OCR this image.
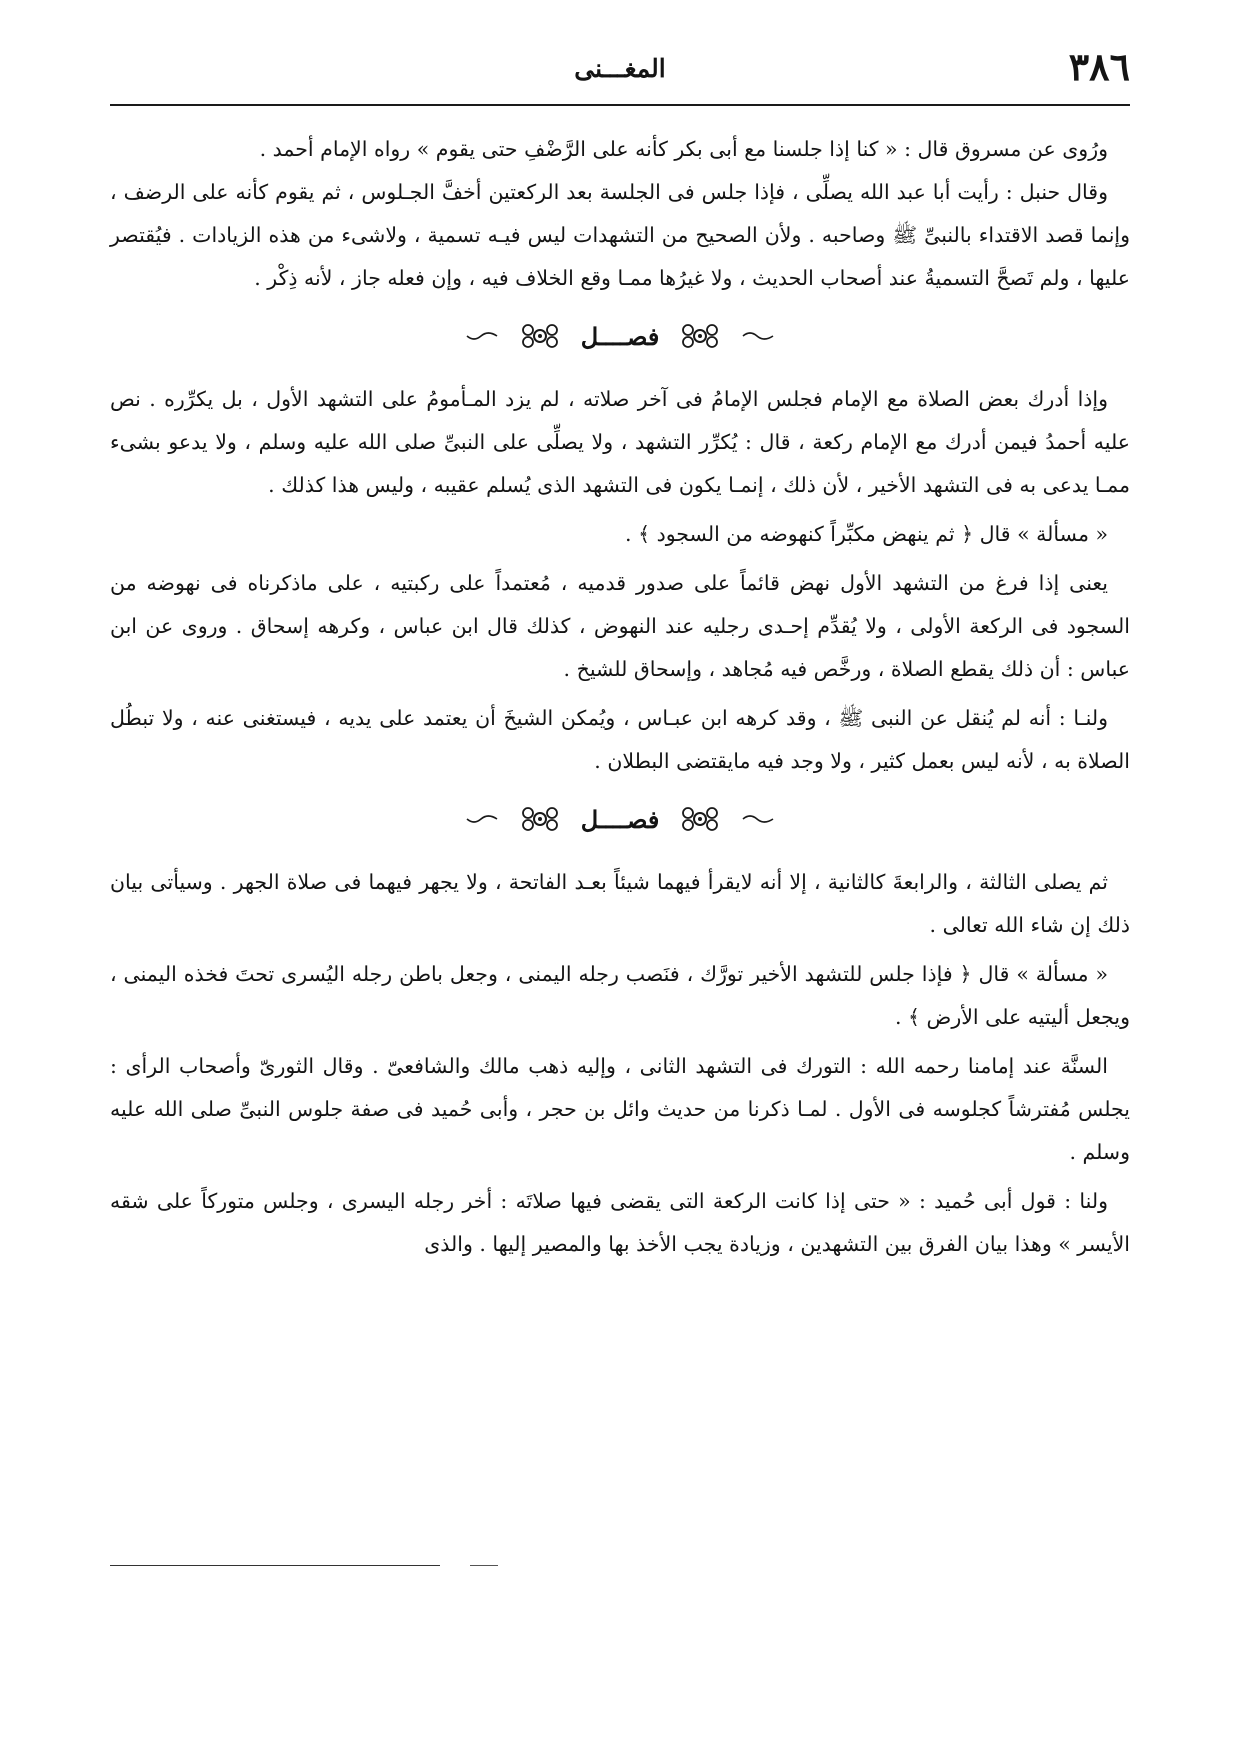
٣٨٦
المغـــنى

ورُوى عن مسروق قال : « كنا إذا جلسنا مع أبى بكر كأنه على الرَّضْفِ حتى يقوم » رواه الإمام أحمد .

وقال حنبل : رأيت أبا عبد الله يصلِّى ، فإذا جلس فى الجلسة بعد الركعتين أخفَّ الجـلوس ، ثم يقوم كأنه على الرضف ، وإنما قصد الاقتداء بالنبىِّ ﷺ وصاحبه . ولأن الصحيح من التشهدات ليس فيـه تسمية ، ولاشىء من هذه الزيادات . فيُقتصر عليها ، ولم تَصحَّ التسميةُ عند أصحاب الحديث ، ولا غيرُها ممـا وقع الخلاف فيه ، وإن فعله جاز ، لأنه ذِكْر .

فصــــل

وإذا أدرك بعض الصلاة مع الإمام فجلس الإمامُ فى آخر صلاته ، لم يزد المـأمومُ على التشهد الأول ، بل يكرِّره . نص عليه أحمدُ فيمن أدرك مع الإمام ركعة ، قال : يُكرِّر التشهد ، ولا يصلِّى على النبىِّ صلى الله عليه وسلم ، ولا يدعو بشىء ممـا يدعى به فى التشهد الأخير ، لأن ذلك ، إنمـا يكون فى التشهد الذى يُسلم عقيبه ، وليس هذا كذلك .

« مسألة » قال ﴿ ثم ينهض مكبِّراً كنهوضه من السجود ﴾ .

يعنى إذا فرغ من التشهد الأول نهض قائماً على صدور قدميه ، مُعتمداً على ركبتيه ، على ماذكرناه فى نهوضه من السجود فى الركعة الأولى ، ولا يُقدِّم إحـدى رجليه عند النهوض ، كذلك قال ابن عباس ، وكرهه إسحاق . وروى عن ابن عباس : أن ذلك يقطع الصلاة ، ورخَّص فيه مُجاهد ، وإسحاق للشيخ .

ولنـا : أنه لم يُنقل عن النبى ﷺ ، وقد كرهه ابن عبـاس ، ويُمكن الشيخَ أن يعتمد على يديه ، فيستغنى عنه ، ولا تبطُل الصلاة به ، لأنه ليس بعمل كثير ، ولا وجد فيه مايقتضى البطلان .

فصــــل

ثم يصلى الثالثة ، والرابعةَ كالثانية ، إلا أنه لايقرأ فيهما شيئاً بعـد الفاتحة ، ولا يجهر فيهما فى صلاة الجهر . وسيأتى بيان ذلك إن شاء الله تعالى .

« مسألة » قال ﴿ فإذا جلس للتشهد الأخير تورَّك ، فنَصب رجله اليمنى ، وجعل باطن رجله اليُسرى تحتَ فخذه اليمنى ، ويجعل أليتيه على الأرض ﴾ .

السنَّة عند إمامنا رحمه الله : التورك فى التشهد الثانى ، وإليه ذهب مالك والشافعىّ . وقال الثورىّ وأصحاب الرأى : يجلس مُفترشاً كجلوسه فى الأول . لمـا ذكرنا من حديث وائل بن حجر ، وأبى حُميد فى صفة جلوس النبىِّ صلى الله عليه وسلم .

ولنا : قول أبى حُميد : « حتى إذا كانت الركعة التى يقضى فيها صلاتَه : أخر رجله اليسرى ، وجلس متوركاً على شقه الأيسر » وهذا بيان الفرق بين التشهدين ، وزيادة يجب الأخذ بها والمصير إليها . والذى
